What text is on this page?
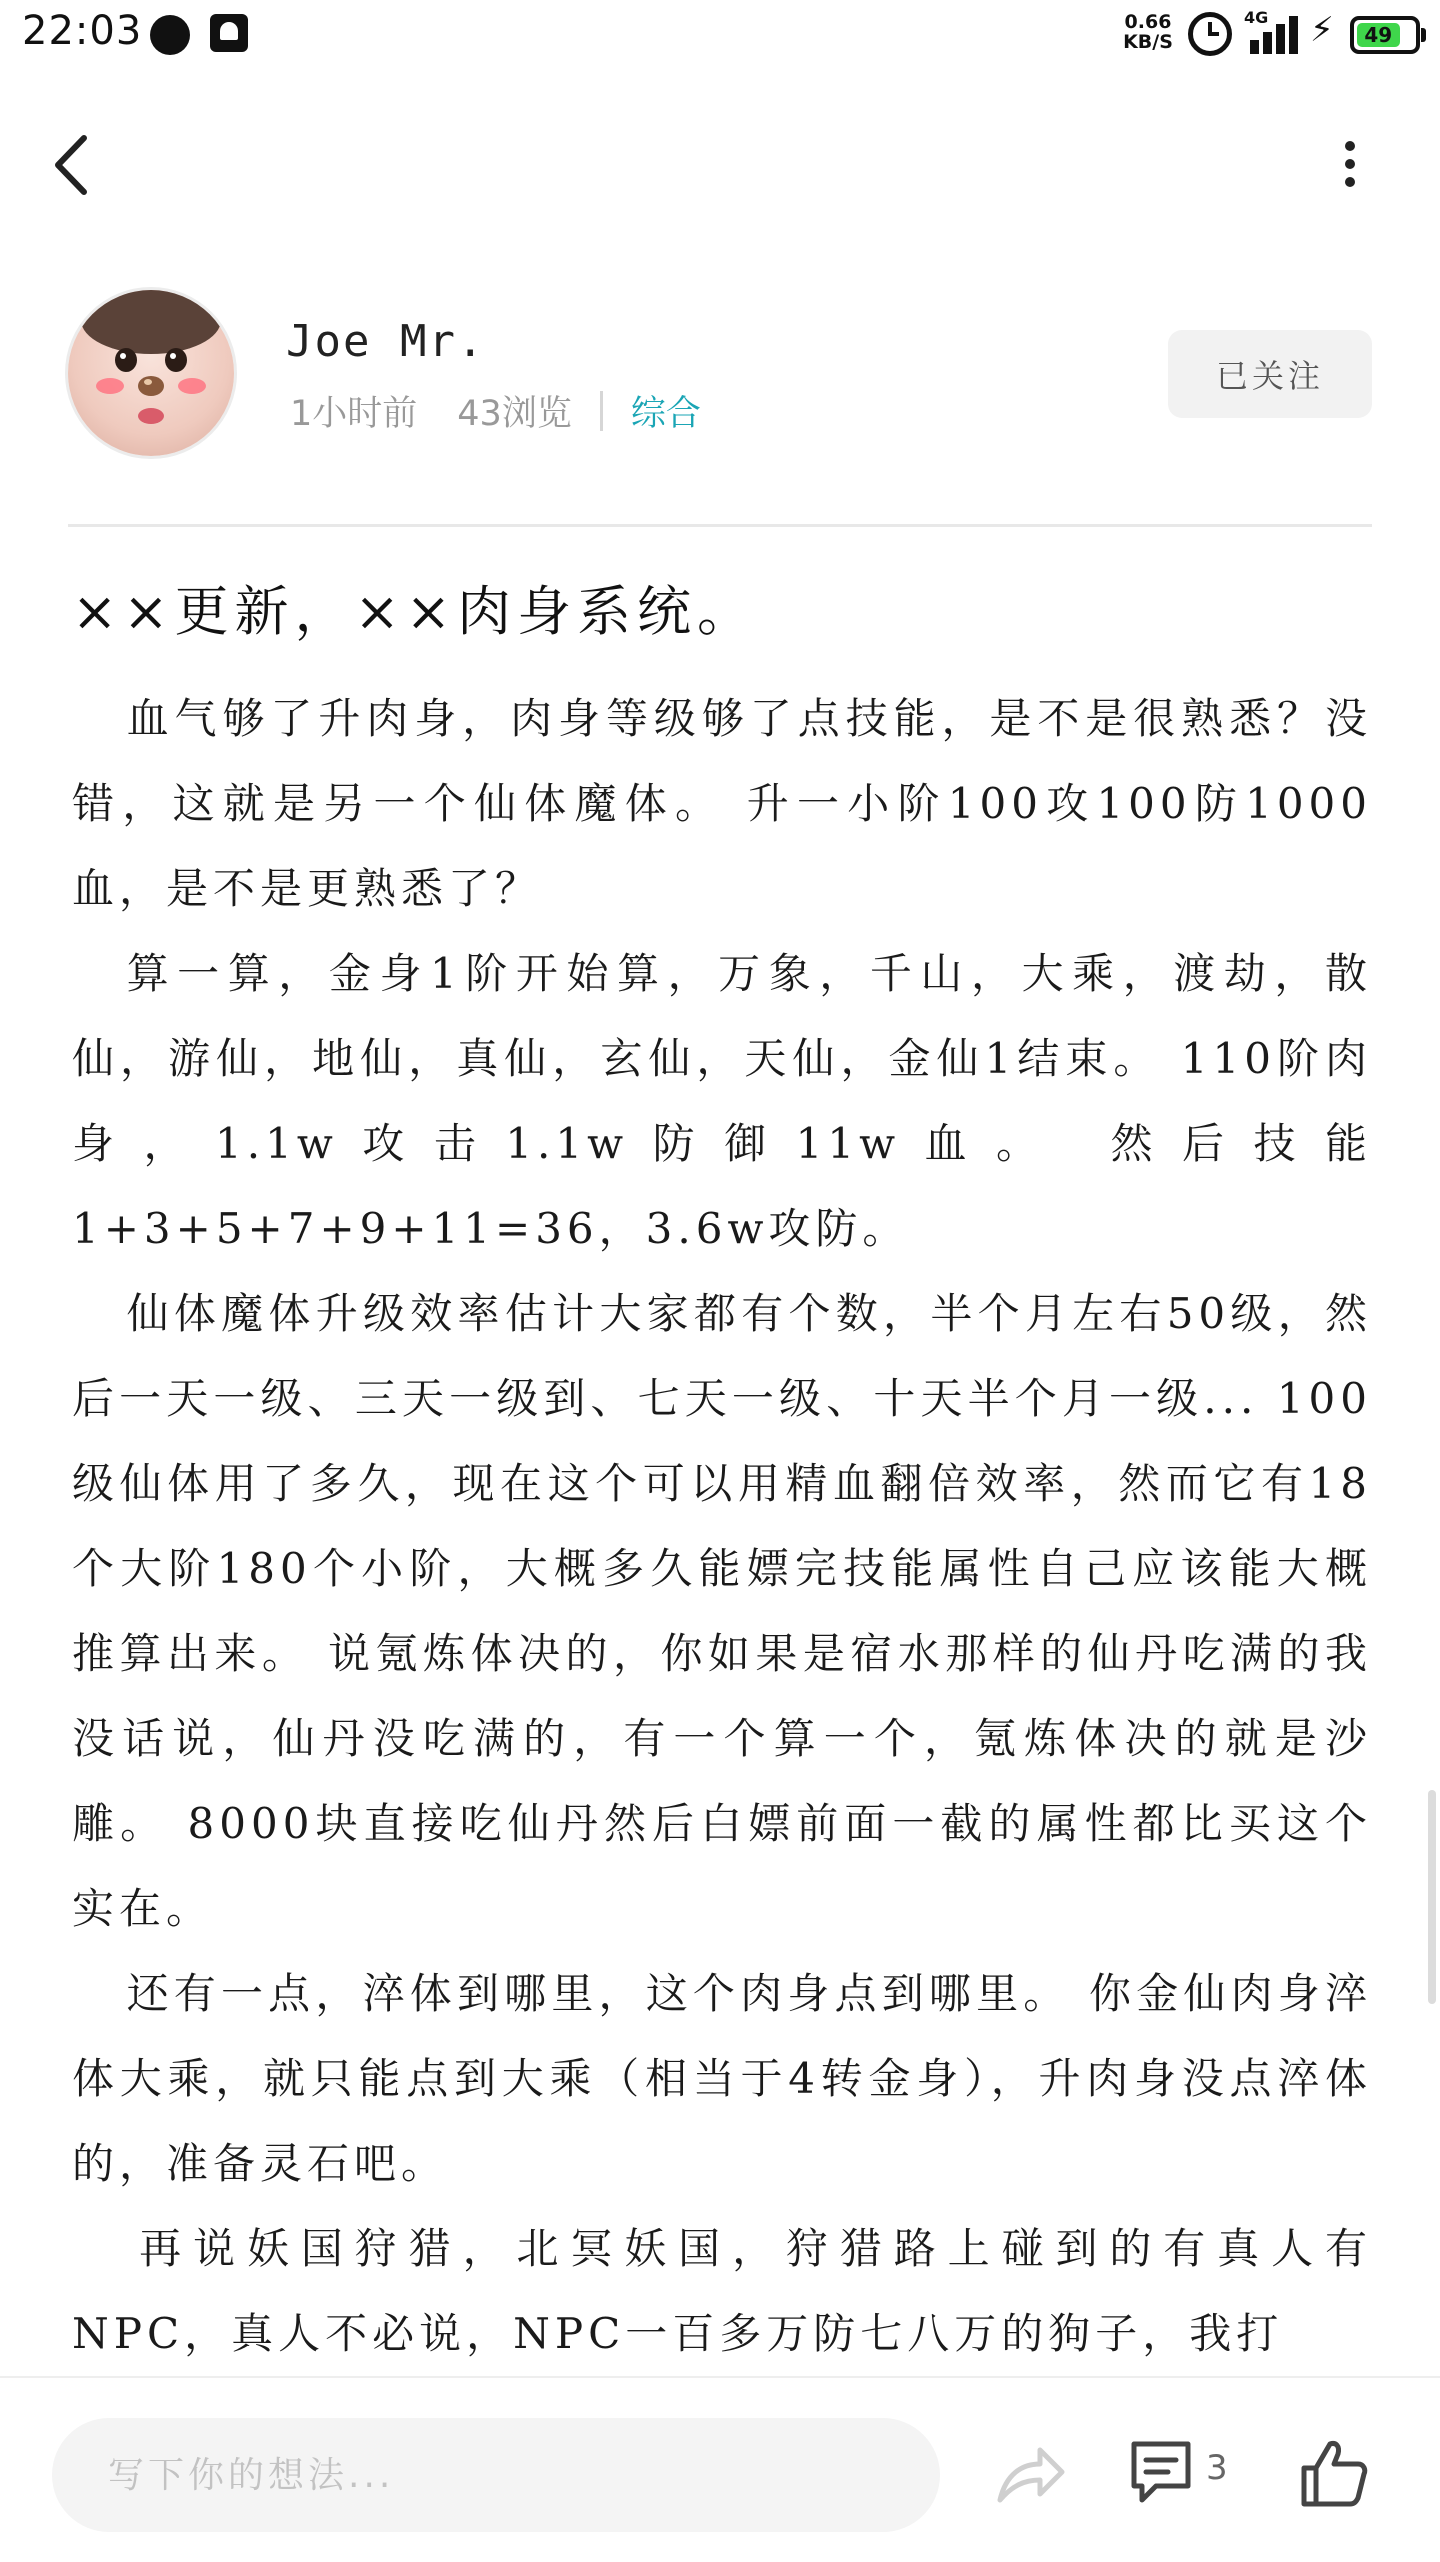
22:03	0.66
KB/S
4G ⚡	49
Joe Mr.
1小时前 43浏览 综合
已关注
××更新，××肉身系统。

血气够了升肉身，肉身等级够了点技能，是不是很熟悉？没错，这就是另一个仙体魔体。 升一小阶100攻100防1000血，是不是更熟悉了？

算一算，金身1阶开始算，万象，千山，大乘，渡劫，散仙，游仙，地仙，真仙，玄仙，天仙，金仙1结束。 110阶肉身，1.1w攻击1.1w防御11w血。 然后技能1+3+5+7+9+11=36，3.6w攻防。

仙体魔体升级效率估计大家都有个数，半个月左右50级，然后一天一级、三天一级到、七天一级、十天半个月一级... 100级仙体用了多久，现在这个可以用精血翻倍效率，然而它有18个大阶180个小阶，大概多久能嫖完技能属性自己应该能大概推算出来。 说氪炼体决的，你如果是宿水那样的仙丹吃满的我没话说，仙丹没吃满的，有一个算一个，氪炼体决的就是沙雕。 8000块直接吃仙丹然后白嫖前面一截的属性都比买这个实在。

还有一点，淬体到哪里，这个肉身点到哪里。 你金仙肉身淬体大乘，就只能点到大乘（相当于4转金身），升肉身没点淬体的，准备灵石吧。

再说妖国狩猎，北冥妖国，狩猎路上碰到的有真人有NPC，真人不必说，NPC一百多万防七八万的狗子，我打

写下你的想法...
3
